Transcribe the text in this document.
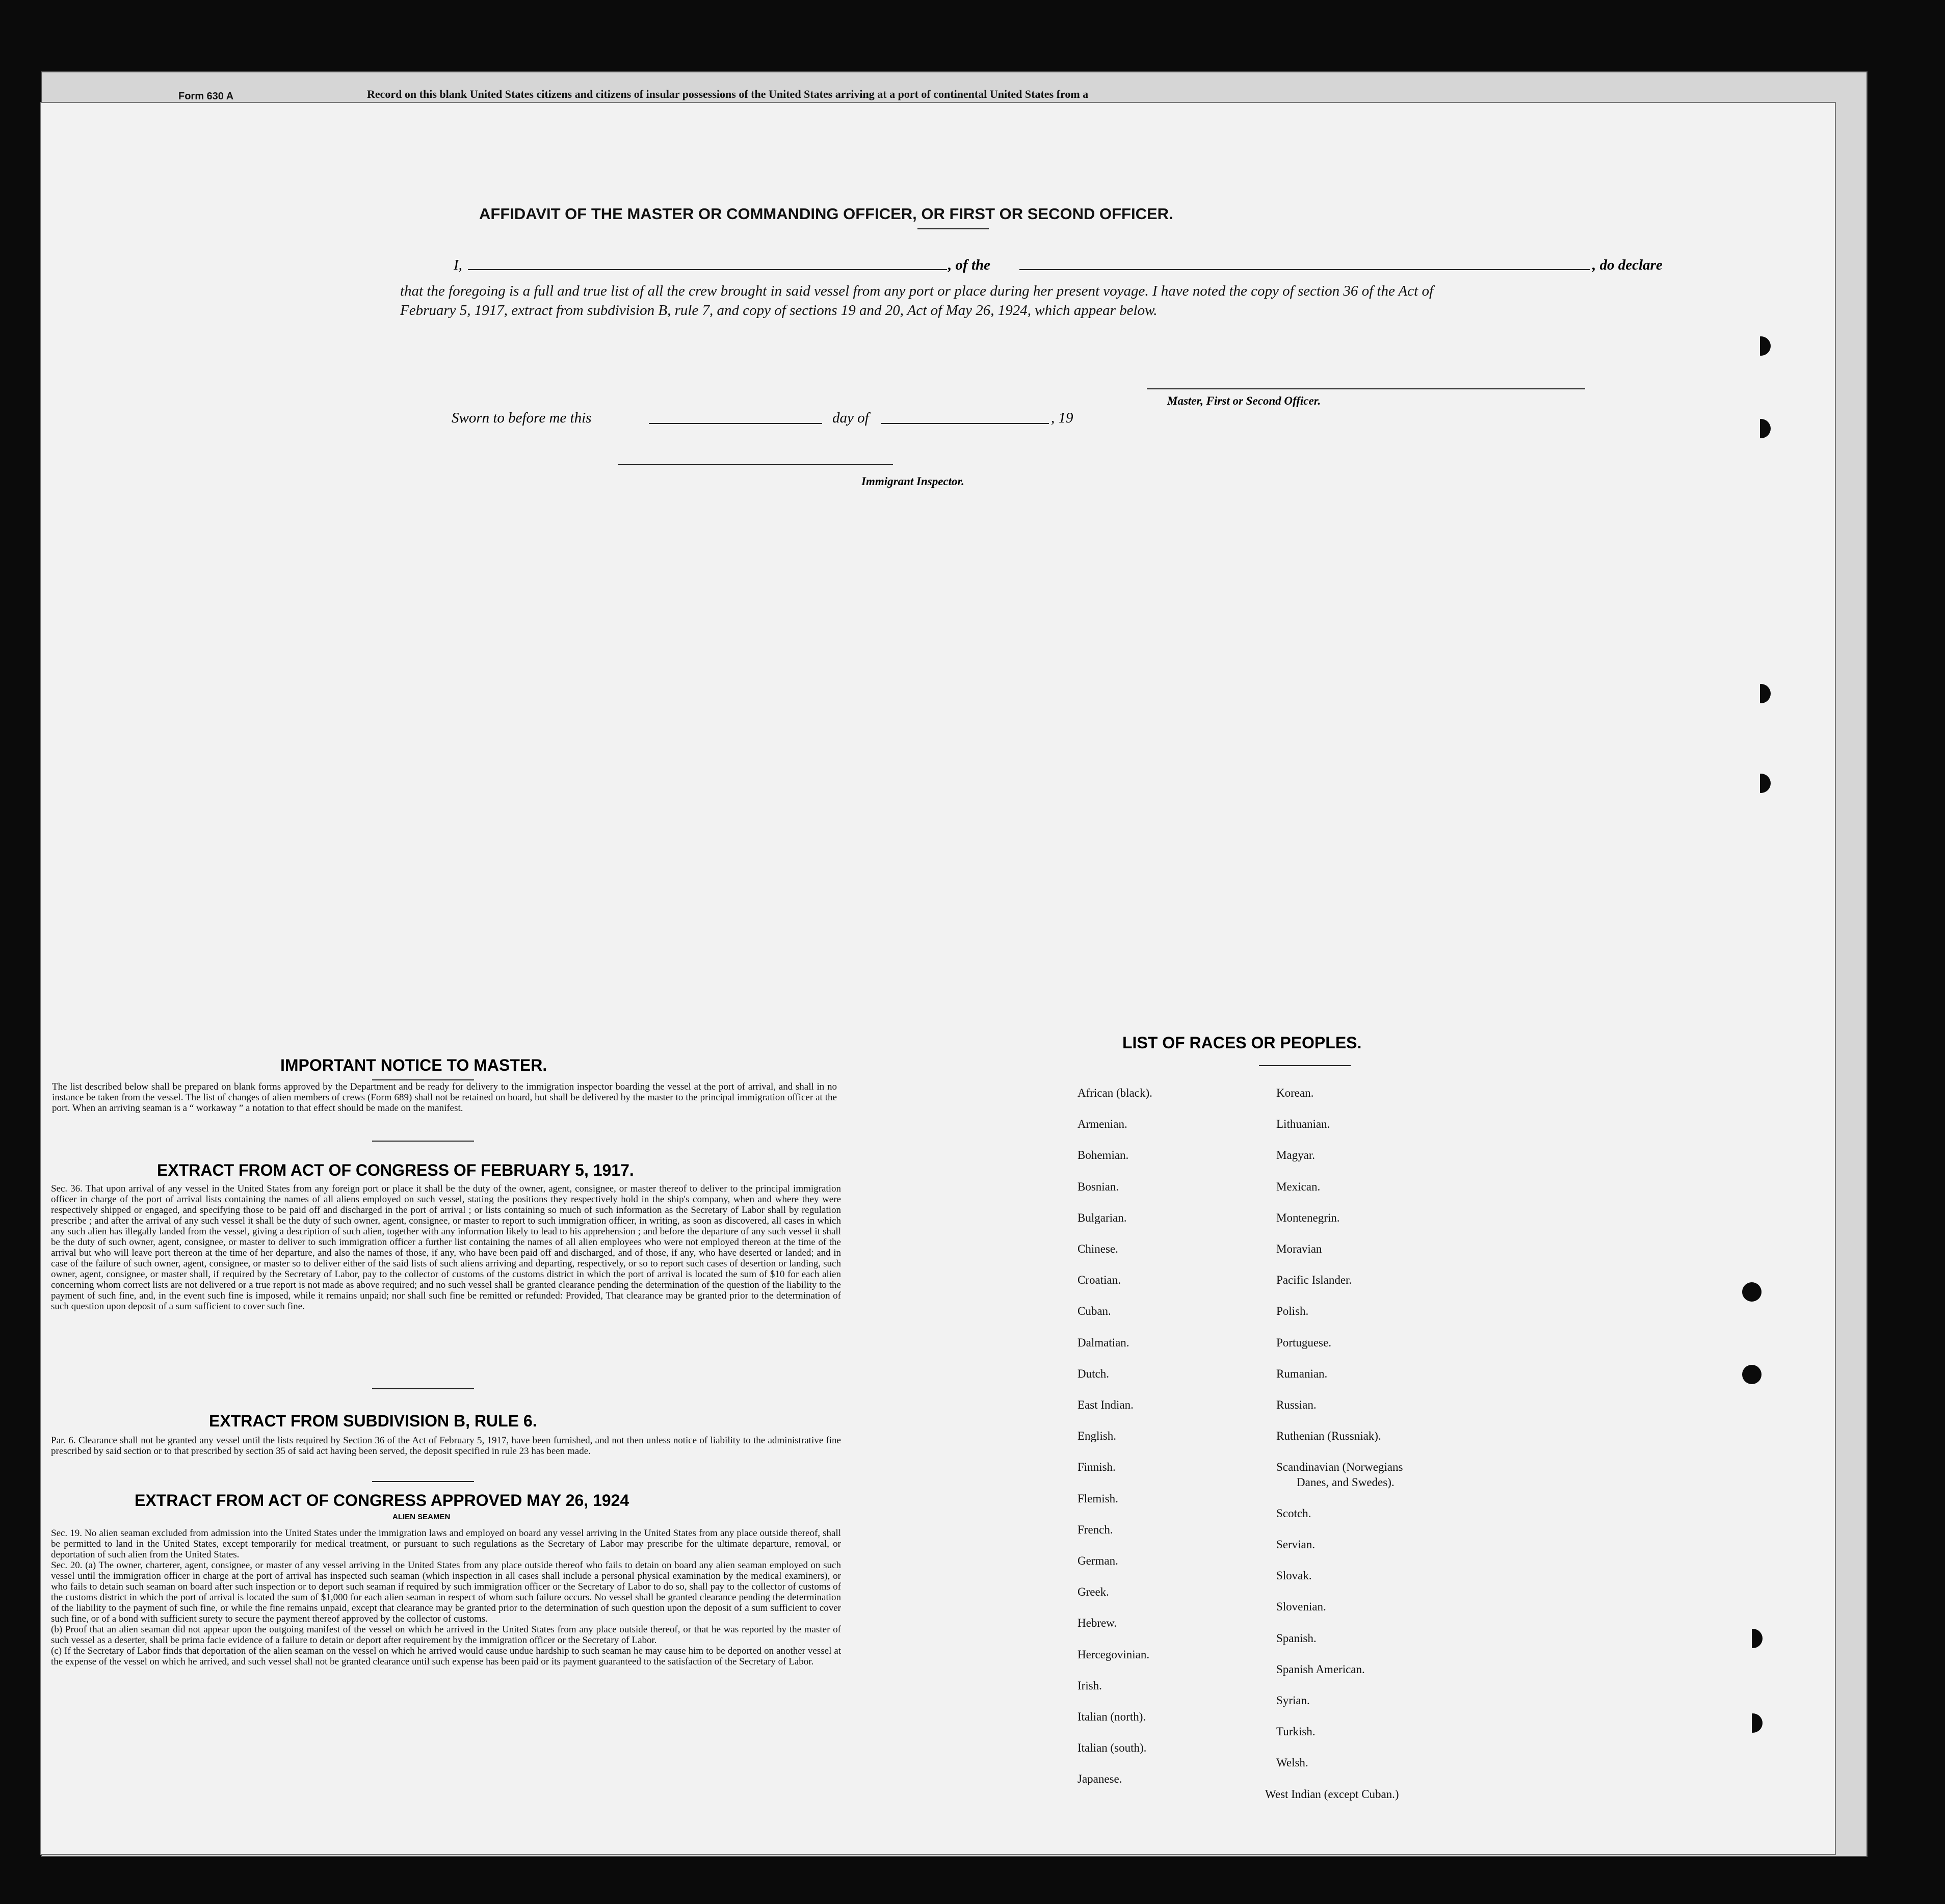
Form 630 A	Record on this blank United States citizens and citizens of insular possessions of the United States arriving at a port of continental United States from a
AFFIDAVIT OF THE MASTER OR COMMANDING OFFICER, OR FIRST OR SECOND OFFICER.
I,	, of the	, do declare
that the foregoing is a full and true list of all the crew brought in said vessel from any port or place during her present voyage. I have noted the copy of section 36 of the Act of February 5, 1917, extract from subdivision B, rule 7, and copy of sections 19 and 20, Act of May 26, 1924, which appear below.
Master, First or Second Officer.
Sworn to before me this	day of	, 19
Immigrant Inspector.
IMPORTANT NOTICE TO MASTER.
The list described below shall be prepared on blank forms approved by the Department and be ready for delivery to the immigration inspector boarding the vessel at the port of arrival, and shall in no instance be taken from the vessel. The list of changes of alien members of crews (Form 689) shall not be retained on board, but shall be delivered by the master to the principal immigration officer at the port. When an arriving seaman is a “ workaway ” a notation to that effect should be made on the manifest.
EXTRACT FROM ACT OF CONGRESS OF FEBRUARY 5, 1917.
Sec. 36. That upon arrival of any vessel in the United States from any foreign port or place it shall be the duty of the owner, agent, consignee, or master thereof to deliver to the principal immigration officer in charge of the port of arrival lists containing the names of all aliens employed on such vessel, stating the positions they respectively hold in the ship's company, when and where they were respectively shipped or engaged, and specifying those to be paid off and discharged in the port of arrival ; or lists containing so much of such information as the Secretary of Labor shall by regulation prescribe ; and after the arrival of any such vessel it shall be the duty of such owner, agent, consignee, or master to report to such immigration officer, in writing, as soon as discovered, all cases in which any such alien has illegally landed from the vessel, giving a description of such alien, together with any information likely to lead to his apprehension ; and before the departure of any such vessel it shall be the duty of such owner, agent, consignee, or master to deliver to such immigration officer a further list containing the names of all alien employees who were not employed thereon at the time of the arrival but who will leave port thereon at the time of her departure, and also the names of those, if any, who have been paid off and discharged, and of those, if any, who have deserted or landed; and in case of the failure of such owner, agent, consignee, or master so to deliver either of the said lists of such aliens arriving and departing, respectively, or so to report such cases of desertion or landing, such owner, agent, consignee, or master shall, if required by the Secretary of Labor, pay to the collector of customs of the customs district in which the port of arrival is located the sum of $10 for each alien concerning whom correct lists are not delivered or a true report is not made as above required; and no such vessel shall be granted clearance pending the determination of the question of the liability to the payment of such fine, and, in the event such fine is imposed, while it remains unpaid; nor shall such fine be remitted or refunded: Provided, That clearance may be granted prior to the determination of such question upon deposit of a sum sufficient to cover such fine.
EXTRACT FROM SUBDIVISION B, RULE 6.
Par. 6. Clearance shall not be granted any vessel until the lists required by Section 36 of the Act of February 5, 1917, have been furnished, and not then unless notice of liability to the administrative fine prescribed by said section or to that prescribed by section 35 of said act having been served, the deposit specified in rule 23 has been made.
EXTRACT FROM ACT OF CONGRESS APPROVED MAY 26, 1924
ALIEN SEAMEN
Sec. 19. No alien seaman excluded from admission into the United States under the immigration laws and employed on board any vessel arriving in the United States from any place outside thereof, shall be permitted to land in the United States, except temporarily for medical treatment, or pursuant to such regulations as the Secretary of Labor may prescribe for the ultimate departure, removal, or deportation of such alien from the United States.
Sec. 20. (a) The owner, charterer, agent, consignee, or master of any vessel arriving in the United States from any place outside thereof who fails to detain on board any alien seaman employed on such vessel until the immigration officer in charge at the port of arrival has inspected such seaman (which inspection in all cases shall include a personal physical examination by the medical examiners), or who fails to detain such seaman on board after such inspection or to deport such seaman if required by such immigration officer or the Secretary of Labor to do so, shall pay to the collector of customs of the customs district in which the port of arrival is located the sum of $1,000 for each alien seaman in respect of whom such failure occurs. No vessel shall be granted clearance pending the determination of the liability to the payment of such fine, or while the fine remains unpaid, except that clearance may be granted prior to the determination of such question upon the deposit of a sum sufficient to cover such fine, or of a bond with sufficient surety to secure the payment thereof approved by the collector of customs.
(b) Proof that an alien seaman did not appear upon the outgoing manifest of the vessel on which he arrived in the United States from any place outside thereof, or that he was reported by the master of such vessel as a deserter, shall be prima facie evidence of a failure to detain or deport after requirement by the immigration officer or the Secretary of Labor.
(c) If the Secretary of Labor finds that deportation of the alien seaman on the vessel on which he arrived would cause undue hardship to such seaman he may cause him to be deported on another vessel at the expense of the vessel on which he arrived, and such vessel shall not be granted clearance until such expense has been paid or its payment guaranteed to the satisfaction of the Secretary of Labor.
LIST OF RACES OR PEOPLES.
African (black).
Armenian.
Bohemian.
Bosnian.
Bulgarian.
Chinese.
Croatian.
Cuban.
Dalmatian.
Dutch.
East Indian.
English.
Finnish.
Flemish.
French.
German.
Greek.
Hebrew.
Hercegovinian.
Irish.
Italian (north).
Italian (south).
Japanese.
Korean.
Lithuanian.
Magyar.
Mexican.
Montenegrin.
Moravian
Pacific Islander.
Polish.
Portuguese.
Rumanian.
Russian.
Ruthenian (Russniak).
Scandinavian (Norwegians
Danes, and Swedes).
Scotch.
Servian.
Slovak.
Slovenian.
Spanish.
Spanish American.
Syrian.
Turkish.
Welsh.
West Indian (except Cuban.)
